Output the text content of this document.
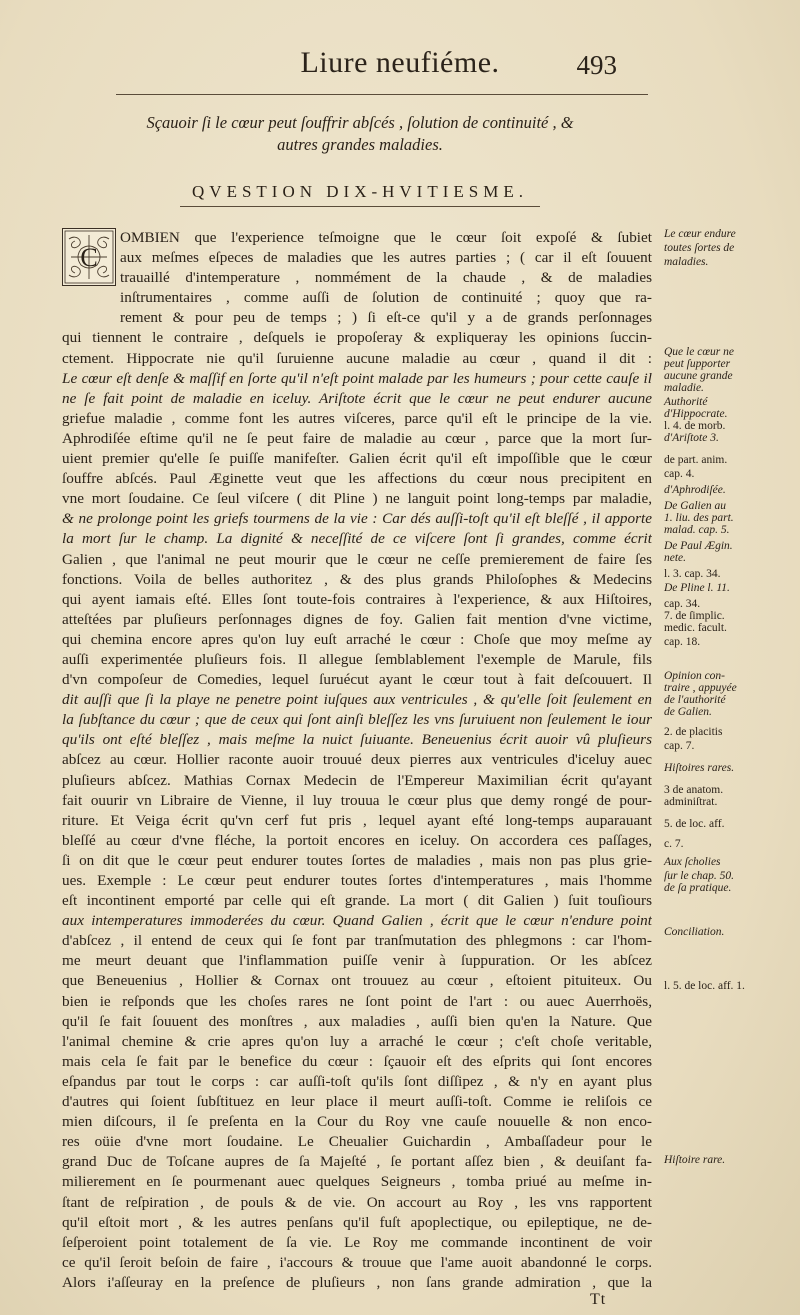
Liure neufiéme.	493
Sçauoir ſi le cœur peut ſouffrir abſcés , ſolution de continuité , &
autres grandes maladies.
QVESTION DIX-HVITIESME.
C
OMBIEN que l'experience teſmoigne que le cœur ſoit expoſé & ſubiet
aux meſmes eſpeces de maladies que les autres parties ; ( car il eſt ſouuent
trauaillé d'intemperature , nommément de la chaude , & de maladies
inſtrumentaires , comme auſſi de ſolution de continuité ; quoy que ra-
rement & pour peu de temps ; ) ſi eſt-ce qu'il y a de grands perſonnages
qui tiennent le contraire , deſquels ie propoſeray & expliqueray les opinions ſuccin-
ctement. Hippocrate nie qu'il ſuruienne aucune maladie au cœur , quand il dit :
Le cœur eſt denſe & maſſif en ſorte qu'il n'eſt point malade par les humeurs ; pour cette cauſe il
ne ſe fait point de maladie en iceluy. Ariſtote écrit que le cœur ne peut endurer aucune
griefue maladie , comme font les autres viſceres, parce qu'il eſt le principe de la vie.
Aphrodiſée eſtime qu'il ne ſe peut faire de maladie au cœur , parce que la mort ſur-
uient premier qu'elle ſe puiſſe manifeſter. Galien écrit qu'il eſt impoſſible que le cœur
ſouffre abſcés. Paul Æginette veut que les affections du cœur nous precipitent en
vne mort ſoudaine. Ce ſeul viſcere ( dit Pline ) ne languit point long-temps par maladie,
& ne prolonge point les griefs tourmens de la vie : Car dés auſſi-toſt qu'il eſt bleſſé , il apporte
la mort ſur le champ. La dignité & neceſſité de ce viſcere ſont ſi grandes, comme écrit
Galien , que l'animal ne peut mourir que le cœur ne ceſſe premierement de faire ſes
fonctions. Voila de belles authoritez , & des plus grands Philoſophes & Medecins
qui ayent iamais eſté. Elles ſont toute-fois contraires à l'experience, & aux Hiſtoires,
atteſtées par pluſieurs perſonnages dignes de foy. Galien fait mention d'vne victime,
qui chemina encore apres qu'on luy euſt arraché le cœur : Choſe que moy meſme ay
auſſi experimentée pluſieurs fois. Il allegue ſemblablement l'exemple de Marule, fils
d'vn compoſeur de Comedies, lequel ſuruécut ayant le cœur tout à fait deſcouuert. Il
dit auſſi que ſi la playe ne penetre point iuſques aux ventricules , & qu'elle ſoit ſeulement en
la ſubſtance du cœur ; que de ceux qui ſont ainſi bleſſez les vns ſuruiuent non ſeulement le iour
qu'ils ont eſté bleſſez , mais meſme la nuict ſuiuante. Beneuenius écrit auoir vû pluſieurs
abſcez au cœur. Hollier raconte auoir trouué deux pierres aux ventricules d'iceluy auec
pluſieurs abſcez. Mathias Cornax Medecin de l'Empereur Maximilian écrit qu'ayant
fait ouurir vn Libraire de Vienne, il luy trouua le cœur plus que demy rongé de pour-
riture. Et Veiga écrit qu'vn cerf fut pris , lequel ayant eſté long-temps auparauant
bleſſé au cœur d'vne fléche, la portoit encores en iceluy. On accordera ces paſſages,
ſi on dit que le cœur peut endurer toutes ſortes de maladies , mais non pas plus grie-
ues. Exemple : Le cœur peut endurer toutes ſortes d'intemperatures , mais l'homme
eſt incontinent emporté par celle qui eſt grande. La mort ( dit Galien ) ſuit touſiours
aux intemperatures immoderées du cœur. Quand Galien , écrit que le cœur n'endure point
d'abſcez , il entend de ceux qui ſe font par tranſmutation des phlegmons : car l'hom-
me meurt deuant que l'inflammation puiſſe venir à ſuppuration. Or les abſcez
que Beneuenius , Hollier & Cornax ont trouuez au cœur , eſtoient pituiteux. Ou
bien ie reſponds que les choſes rares ne ſont point de l'art : ou auec Auerrhoës,
qu'il ſe fait ſouuent des monſtres , aux maladies , auſſi bien qu'en la Nature. Que
l'animal chemine & crie apres qu'on luy a arraché le cœur ; c'eſt choſe veritable,
mais cela ſe fait par le benefice du cœur : ſçauoir eſt des eſprits qui ſont encores
eſpandus par tout le corps : car auſſi-toſt qu'ils ſont diſſipez , & n'y en ayant plus
d'autres qui ſoient ſubſtituez en leur place il meurt auſſi-toſt. Comme ie reliſois ce
mien diſcours, il ſe preſenta en la Cour du Roy vne cauſe nouuelle & non enco-
res oüie d'vne mort ſoudaine. Le Cheualier Guichardin , Ambaſſadeur pour le
grand Duc de Toſcane aupres de ſa Majeſté , ſe portant aſſez bien , & deuiſant fa-
milierement en ſe pourmenant auec quelques Seigneurs , tomba priué au meſme in-
ſtant de reſpiration , de pouls & de vie. On accourt au Roy , les vns rapportent
qu'il eſtoit mort , & les autres penſans qu'il fuſt apoplectique, ou epileptique, ne de-
ſeſperoient point totalement de ſa vie. Le Roy me commande incontinent de voir
ce qu'il ſeroit beſoin de faire , i'accours & trouue que l'ame auoit abandonné le corps.
Alors i'aſſeuray en la preſence de pluſieurs , non ſans grande admiration , que la
Le cœur endure
toutes ſortes de
maladies.
Que le cœur ne
peut ſupporter
aucune grande
maladie.
Authorité
d'Hippocrate.
l. 4. de morb.
d'Ariſtote 3.
de part. anim.
cap. 4.
d'Aphrodiſée.
De Galien au
1. liu. des part.
malad. cap. 5.
De Paul Ægin.
nete.
l. 3. cap. 34.
De Pline l. 11.
cap. 34.
7. de ſimplic.
medic. facult.
cap. 18.
Opinion con-
traire , appuyée
de l'authorité
de Galien.
2. de placitis
cap. 7.
Hiſtoires rares.
3 de anatom.
adminiſtrat.
5. de loc. aff.
c. 7.
Aux ſcholies
ſur le chap. 50.
de ſa pratique.
Conciliation.
l. 5. de loc. aff. 1.
Hiſtoire rare.
Tt
